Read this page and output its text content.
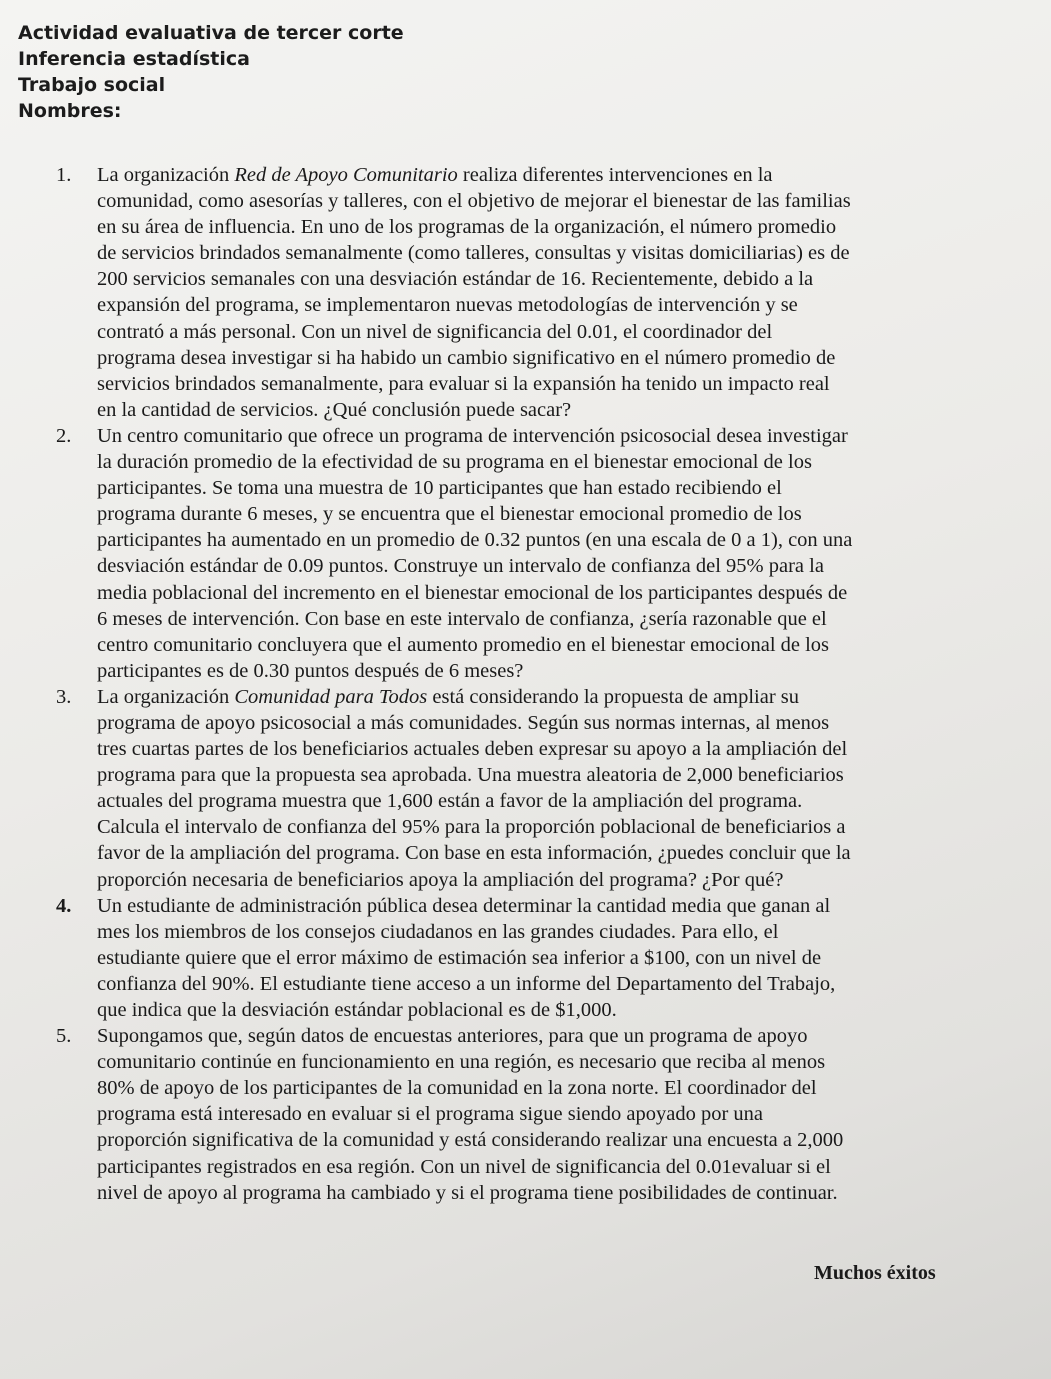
Actividad evaluativa de tercer corte
Inferencia estadística
Trabajo social
Nombres:
1.	La organización Red de Apoyo Comunitario realiza diferentes intervenciones en la
comunidad, como asesorías y talleres, con el objetivo de mejorar el bienestar de las familias
en su área de influencia. En uno de los programas de la organización, el número promedio
de servicios brindados semanalmente (como talleres, consultas y visitas domiciliarias) es de
200 servicios semanales con una desviación estándar de 16. Recientemente, debido a la
expansión del programa, se implementaron nuevas metodologías de intervención y se
contrató a más personal. Con un nivel de significancia del 0.01, el coordinador del
programa desea investigar si ha habido un cambio significativo en el número promedio de
servicios brindados semanalmente, para evaluar si la expansión ha tenido un impacto real
en la cantidad de servicios. ¿Qué conclusión puede sacar?
2.	Un centro comunitario que ofrece un programa de intervención psicosocial desea investigar
la duración promedio de la efectividad de su programa en el bienestar emocional de los
participantes. Se toma una muestra de 10 participantes que han estado recibiendo el
programa durante 6 meses, y se encuentra que el bienestar emocional promedio de los
participantes ha aumentado en un promedio de 0.32 puntos (en una escala de 0 a 1), con una
desviación estándar de 0.09 puntos. Construye un intervalo de confianza del 95% para la
media poblacional del incremento en el bienestar emocional de los participantes después de
6 meses de intervención. Con base en este intervalo de confianza, ¿sería razonable que el
centro comunitario concluyera que el aumento promedio en el bienestar emocional de los
participantes es de 0.30 puntos después de 6 meses?
3.	La organización Comunidad para Todos está considerando la propuesta de ampliar su
programa de apoyo psicosocial a más comunidades. Según sus normas internas, al menos
tres cuartas partes de los beneficiarios actuales deben expresar su apoyo a la ampliación del
programa para que la propuesta sea aprobada. Una muestra aleatoria de 2,000 beneficiarios
actuales del programa muestra que 1,600 están a favor de la ampliación del programa.
Calcula el intervalo de confianza del 95% para la proporción poblacional de beneficiarios a
favor de la ampliación del programa. Con base en esta información, ¿puedes concluir que la
proporción necesaria de beneficiarios apoya la ampliación del programa? ¿Por qué?
4.	Un estudiante de administración pública desea determinar la cantidad media que ganan al
mes los miembros de los consejos ciudadanos en las grandes ciudades. Para ello, el
estudiante quiere que el error máximo de estimación sea inferior a $100, con un nivel de
confianza del 90%. El estudiante tiene acceso a un informe del Departamento del Trabajo,
que indica que la desviación estándar poblacional es de $1,000.
5.	Supongamos que, según datos de encuestas anteriores, para que un programa de apoyo
comunitario continúe en funcionamiento en una región, es necesario que reciba al menos
80% de apoyo de los participantes de la comunidad en la zona norte. El coordinador del
programa está interesado en evaluar si el programa sigue siendo apoyado por una
proporción significativa de la comunidad y está considerando realizar una encuesta a 2,000
participantes registrados en esa región. Con un nivel de significancia del 0.01evaluar si el
nivel de apoyo al programa ha cambiado y si el programa tiene posibilidades de continuar.
Muchos éxitos
